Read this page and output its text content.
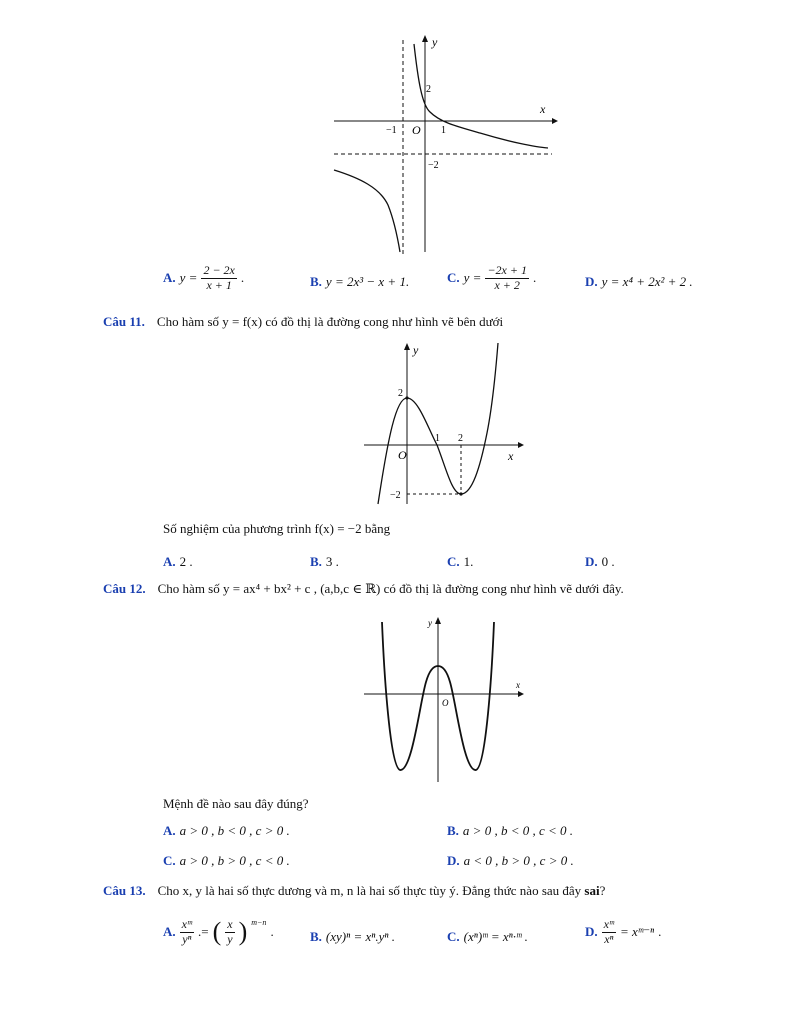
x
y
O
−1	1
2
−2
A. $y = \frac{2 - 2x}{x + 1}$ .	B. y = 2x³ − x + 1.	C. $y = \frac{-2x + 1}{x + 2}$ .	D. y = x⁴ + 2x² + 2 .
Câu 11. Cho hàm số y = f(x) có đồ thị là đường cong như hình vẽ bên dưới
x
y
O
1 2
2
−2
Số nghiệm của phương trình f(x) = −2 bằng
A. 2 .	B. 3 .	C. 1.	D. 0 .
Câu 12. Cho hàm số y = ax⁴ + bx² + c , (a,b,c ∈ ℝ) có đồ thị là đường cong như hình vẽ dưới đây.
x
y
O
Mệnh đề nào sau đây đúng?
A. a > 0 , b < 0 , c > 0 .	B. a > 0 , b < 0 , c < 0 .
C. a > 0 , b > 0 , c < 0 .	D. a < 0 , b > 0 , c > 0 .
Câu 13. Cho x, y là hai số thực dương và m, n là hai số thực tùy ý. Đẳng thức nào sau đây sai?
A. $\frac{\text{xᵐ}}{\text{yⁿ}}$ .= ( $\frac{x}{y}$ ) $^{m-n}$
.	B. (xy)ⁿ = xⁿ.yⁿ .	C. (xⁿ)ᵐ = xⁿ·ᵐ .	D. $\frac{\text{xᵐ}}{\text{xⁿ}}$ = xᵐ⁻ⁿ .
